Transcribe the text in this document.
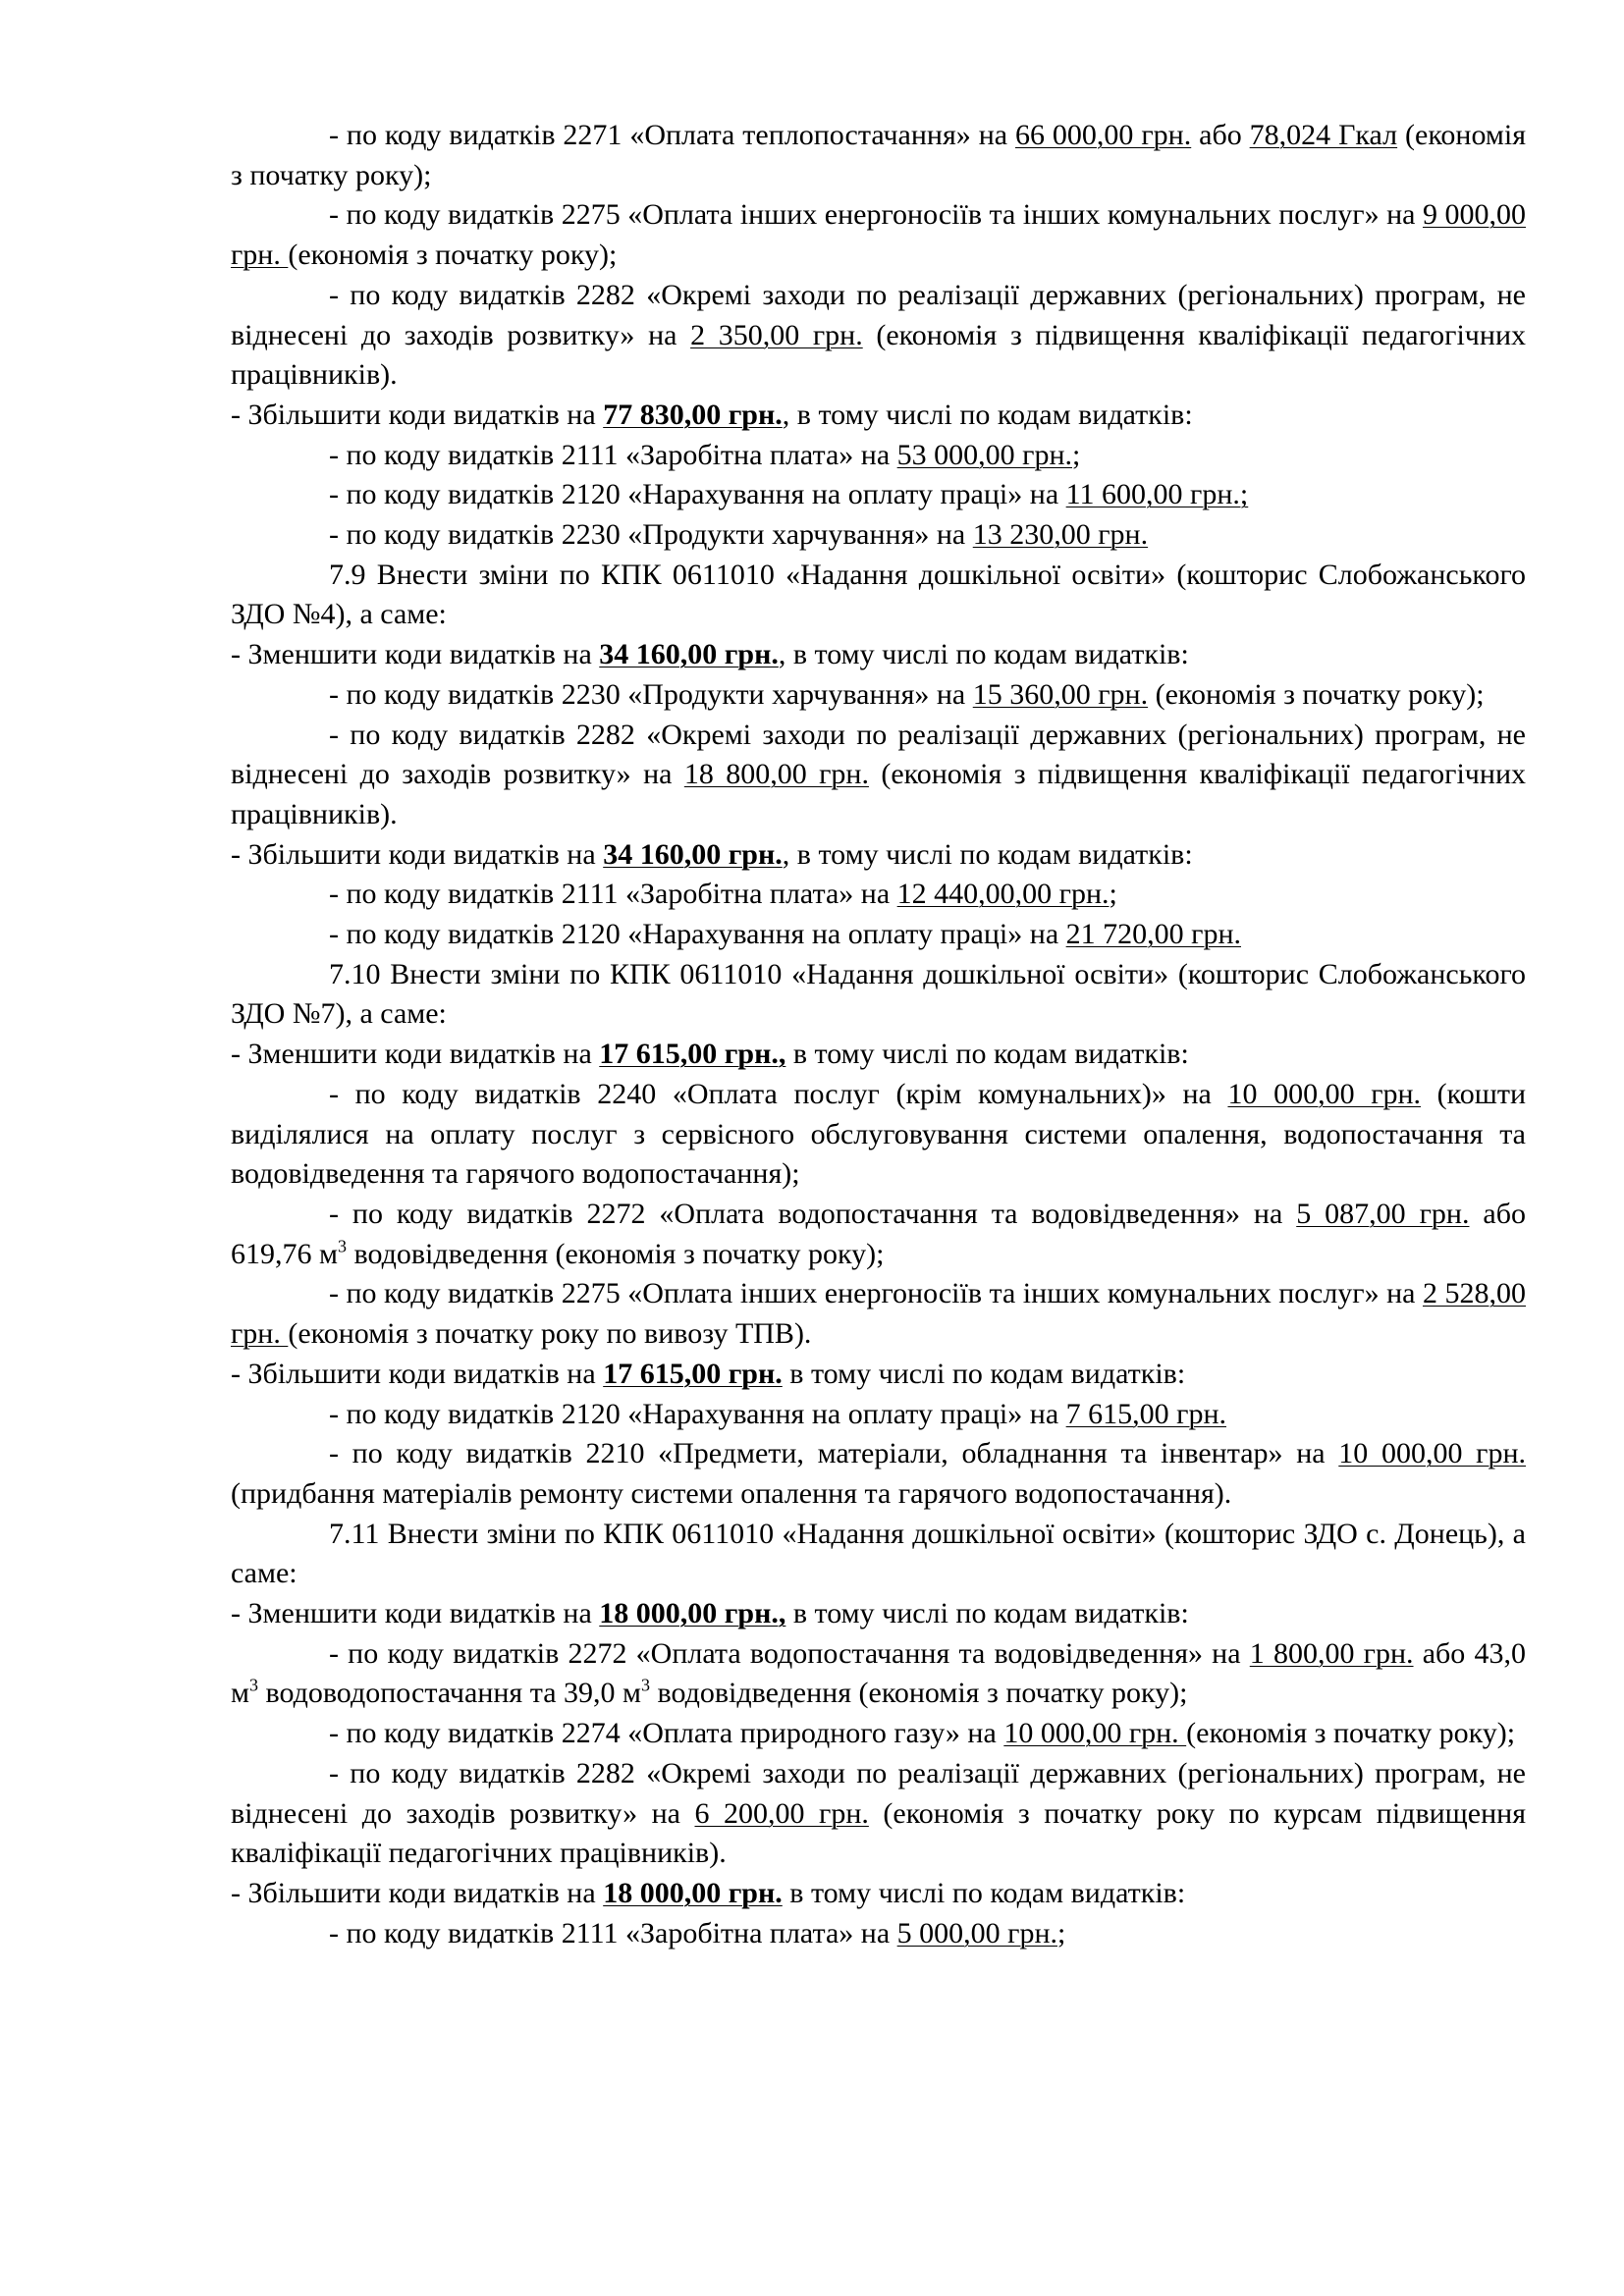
- по коду видатків 2271 «Оплата теплопостачання» на 66 000,00 грн. або 78,024 Гкал (економія з початку року);

- по коду видатків 2275 «Оплата інших енергоносіїв та інших комунальних послуг» на 9 000,00 грн. (економія з початку року);

- по коду видатків 2282 «Окремі заходи по реалізації державних (регіональних) програм, не віднесені до заходів розвитку» на 2 350,00 грн. (економія з підвищення кваліфікації педагогічних працівників).

- Збільшити коди видатків на 77 830,00 грн., в тому числі по кодам видатків:

- по коду видатків 2111 «Заробітна плата» на 53 000,00 грн.;

- по коду видатків 2120 «Нарахування на оплату праці» на 11 600,00 грн.;

- по коду видатків 2230 «Продукти харчування» на 13 230,00 грн.

7.9 Внести зміни по КПК 0611010 «Надання дошкільної освіти» (кошторис Слобожанського ЗДО №4), а саме:

- Зменшити коди видатків на 34 160,00 грн., в тому числі по кодам видатків:

- по коду видатків 2230 «Продукти харчування» на 15 360,00 грн. (економія з початку року);

- по коду видатків 2282 «Окремі заходи по реалізації державних (регіональних) програм, не віднесені до заходів розвитку» на 18 800,00 грн. (економія з підвищення кваліфікації педагогічних працівників).

- Збільшити коди видатків на 34 160,00 грн., в тому числі по кодам видатків:

- по коду видатків 2111 «Заробітна плата» на 12 440,00,00 грн.;

- по коду видатків 2120 «Нарахування на оплату праці» на 21 720,00 грн.

7.10 Внести зміни по КПК 0611010 «Надання дошкільної освіти» (кошторис Слобожанського ЗДО №7), а саме:

- Зменшити коди видатків на 17 615,00 грн., в тому числі по кодам видатків:

- по коду видатків 2240 «Оплата послуг (крім комунальних)» на 10 000,00 грн. (кошти виділялися на оплату послуг з сервісного обслуговування системи опалення, водопостачання та водовідведення та гарячого водопостачання);

- по коду видатків 2272 «Оплата водопостачання та водовідведення» на 5 087,00 грн. або 619,76 $м^3$ водовідведення (економія з початку року);

- по коду видатків 2275 «Оплата інших енергоносіїв та інших комунальних послуг» на 2 528,00 грн. (економія з початку року по вивозу ТПВ).

- Збільшити коди видатків на 17 615,00 грн. в тому числі по кодам видатків:

- по коду видатків 2120 «Нарахування на оплату праці» на 7 615,00 грн.

- по коду видатків 2210 «Предмети, матеріали, обладнання та інвентар» на 10 000,00 грн. (придбання матеріалів ремонту системи опалення та гарячого водопостачання).

7.11 Внести зміни по КПК 0611010 «Надання дошкільної освіти» (кошторис ЗДО с. Донець), а саме:

- Зменшити коди видатків на 18 000,00 грн., в тому числі по кодам видатків:

- по коду видатків 2272 «Оплата водопостачання та водовідведення» на 1 800,00 грн. або 43,0 $м^3$ водоводопостачання та 39,0 $м^3$ водовідведення (економія з початку року);

- по коду видатків 2274 «Оплата природного газу» на 10 000,00 грн. (економія з початку року);

- по коду видатків 2282 «Окремі заходи по реалізації державних (регіональних) програм, не віднесені до заходів розвитку» на 6 200,00 грн. (економія з початку року по курсам підвищення кваліфікації педагогічних працівників).

- Збільшити коди видатків на 18 000,00 грн. в тому числі по кодам видатків:

- по коду видатків 2111 «Заробітна плата» на 5 000,00 грн.;
